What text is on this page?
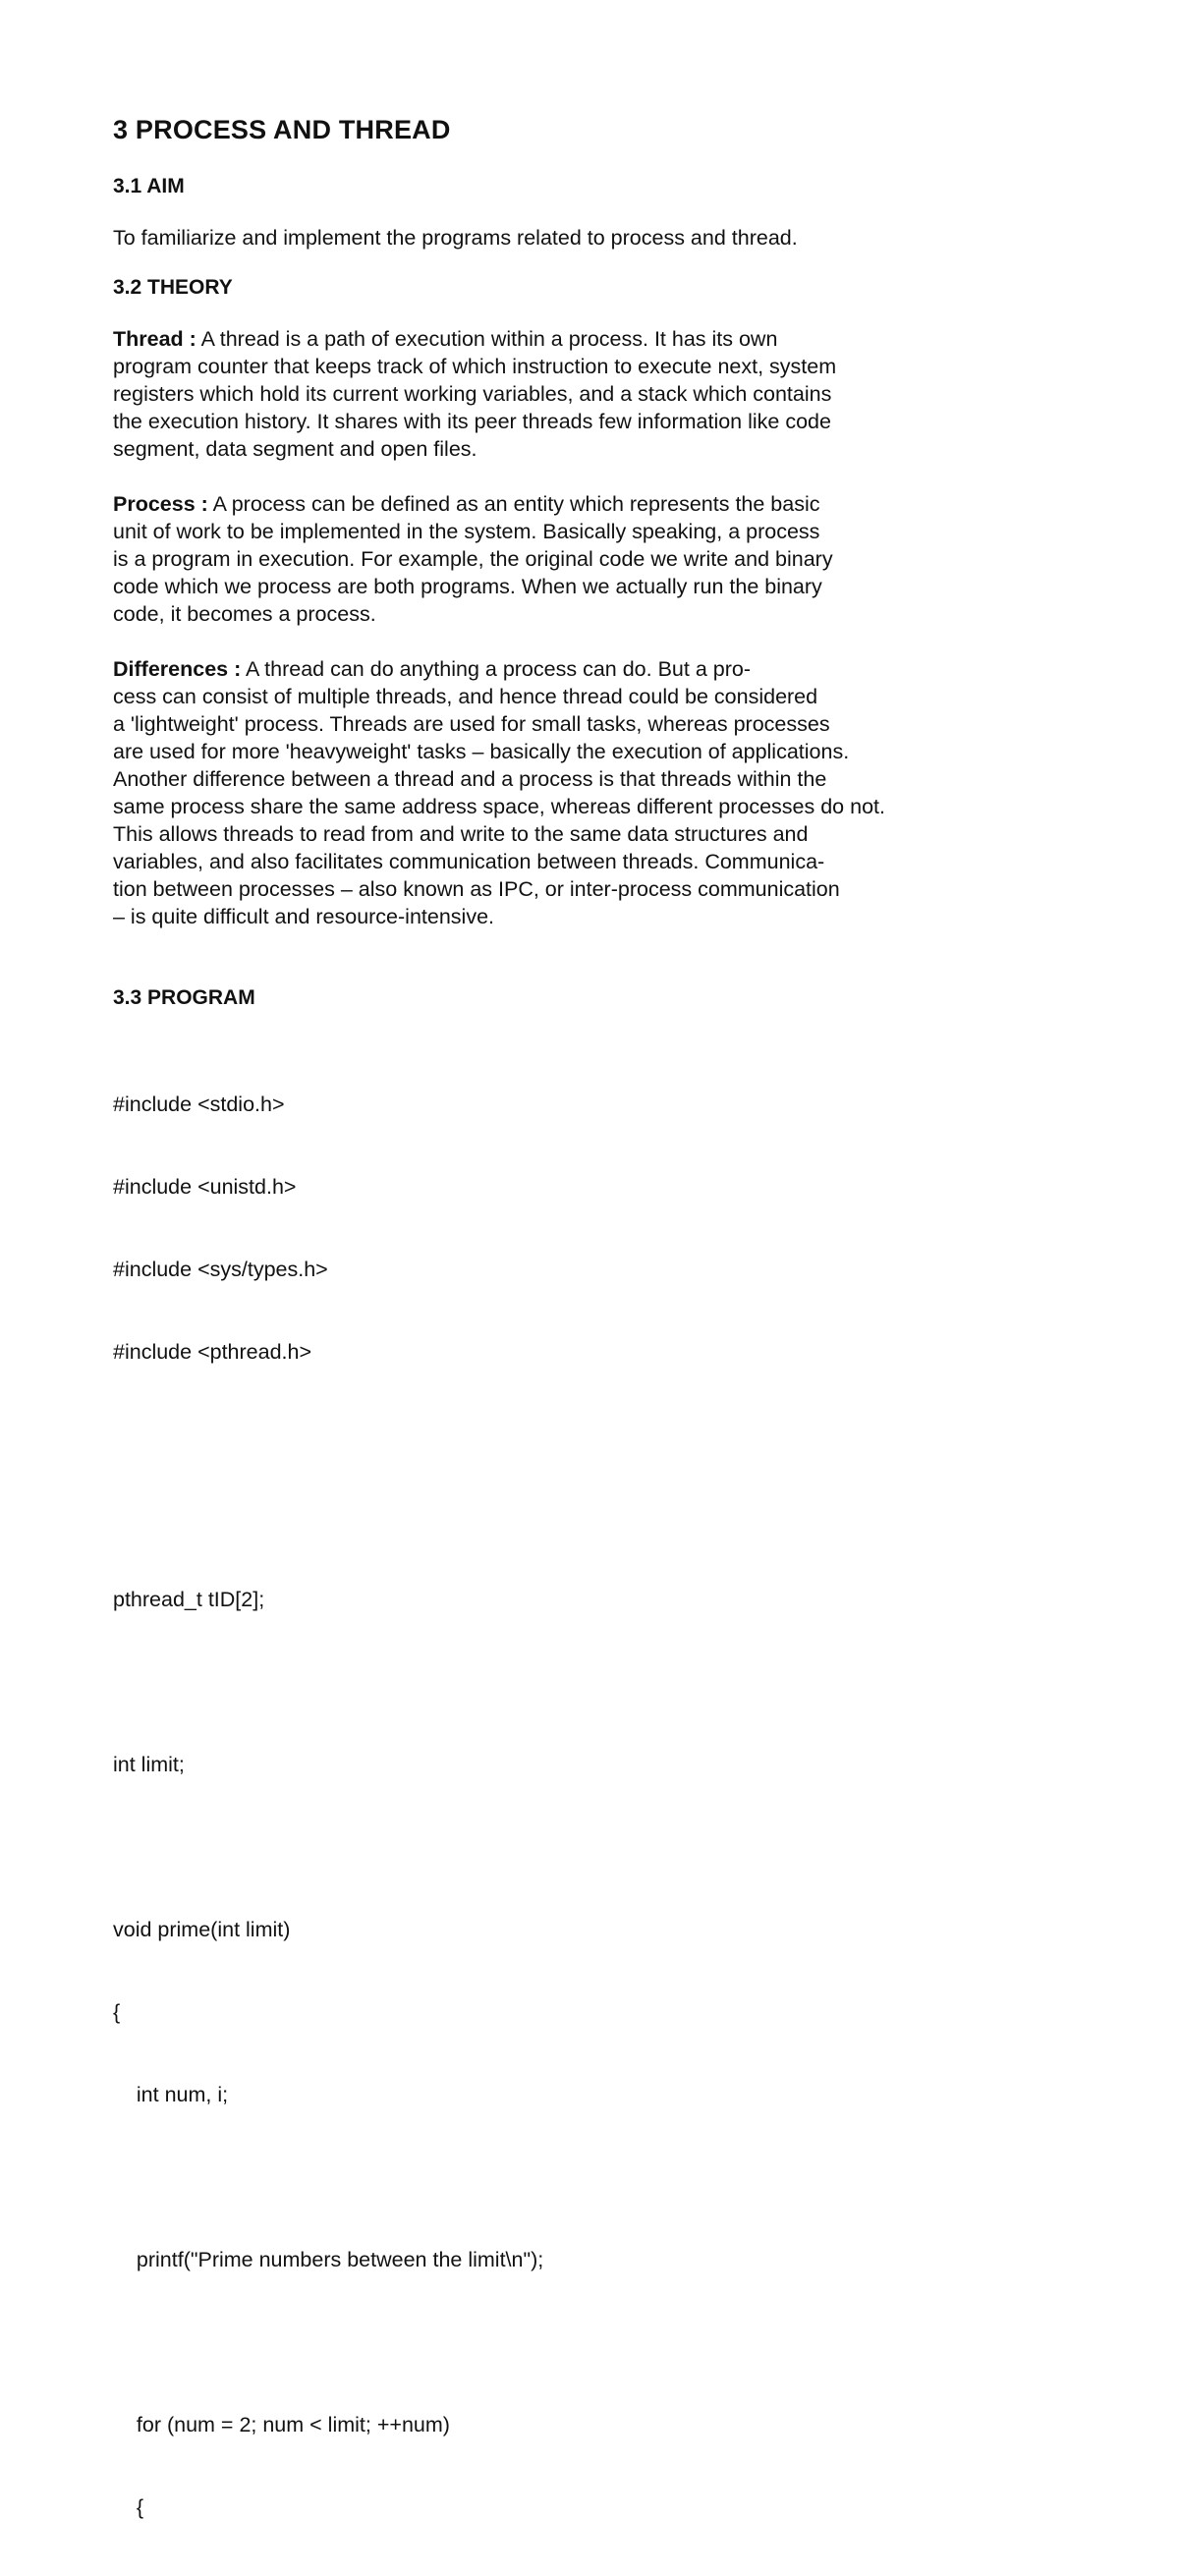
3 PROCESS AND THREAD
3.1 AIM
To familiarize and implement the programs related to process and thread.
3.2 THEORY
Thread : A thread is a path of execution within a process. It has its own
program counter that keeps track of which instruction to execute next, system
registers which hold its current working variables, and a stack which contains
the execution history. It shares with its peer threads few information like code
segment, data segment and open files.
Process : A process can be defined as an entity which represents the basic
unit of work to be implemented in the system. Basically speaking, a process
is a program in execution. For example, the original code we write and binary
code which we process are both programs. When we actually run the binary
code, it becomes a process.
Differences : A thread can do anything a process can do. But a pro-
cess can consist of multiple threads, and hence thread could be considered
a 'lightweight' process. Threads are used for small tasks, whereas processes
are used for more 'heavyweight' tasks – basically the execution of applications.
Another difference between a thread and a process is that threads within the
same process share the same address space, whereas different processes do not.
This allows threads to read from and write to the same data structures and
variables, and also facilitates communication between threads. Communica-
tion between processes – also known as IPC, or inter-process communication
– is quite difficult and resource-intensive.
3.3 PROGRAM

#include <stdio.h>

#include <unistd.h>

#include <sys/types.h>

#include <pthread.h>

pthread_t tID[2];

int limit;

void prime(int limit)

{

int num, i;

printf("Prime numbers between the limit\n");

for (num = 2; num < limit; ++num)

{
